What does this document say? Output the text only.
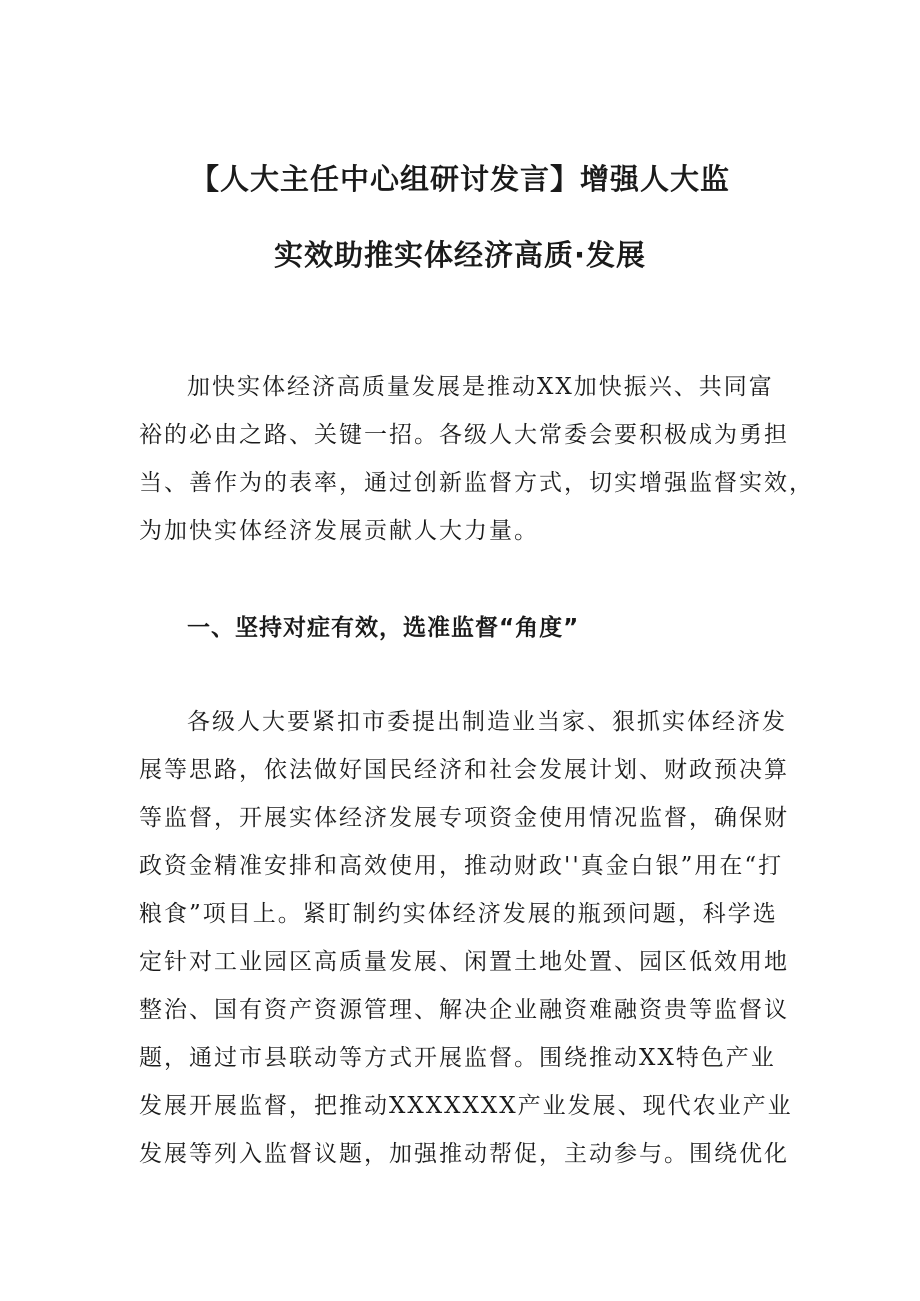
【人大主任中心组研讨发言】增强人大监
实效助推实体经济高质·发展
加快实体经济高质量发展是推动XX加快振兴、共同富
裕的必由之路、关键一招。各级人大常委会要积极成为勇担
当、善作为的表率，通过创新监督方式，切实增强监督实效，
为加快实体经济发展贡献人大力量。
一、坚持对症有效，选准监督“角度”
各级人大要紧扣市委提出制造业当家、狠抓实体经济发
展等思路，依法做好国民经济和社会发展计划、财政预决算
等监督，开展实体经济发展专项资金使用情况监督，确保财
政资金精准安排和高效使用，推动财政''真金白银”用在“打
粮食”项目上。紧盯制约实体经济发展的瓶颈问题，科学选
定针对工业园区高质量发展、闲置土地处置、园区低效用地
整治、国有资产资源管理、解决企业融资难融资贵等监督议
题，通过市县联动等方式开展监督。围绕推动XX特色产业
发展开展监督，把推动XXXXXXX产业发展、现代农业产业
发展等列入监督议题，加强推动帮促，主动参与。围绕优化
